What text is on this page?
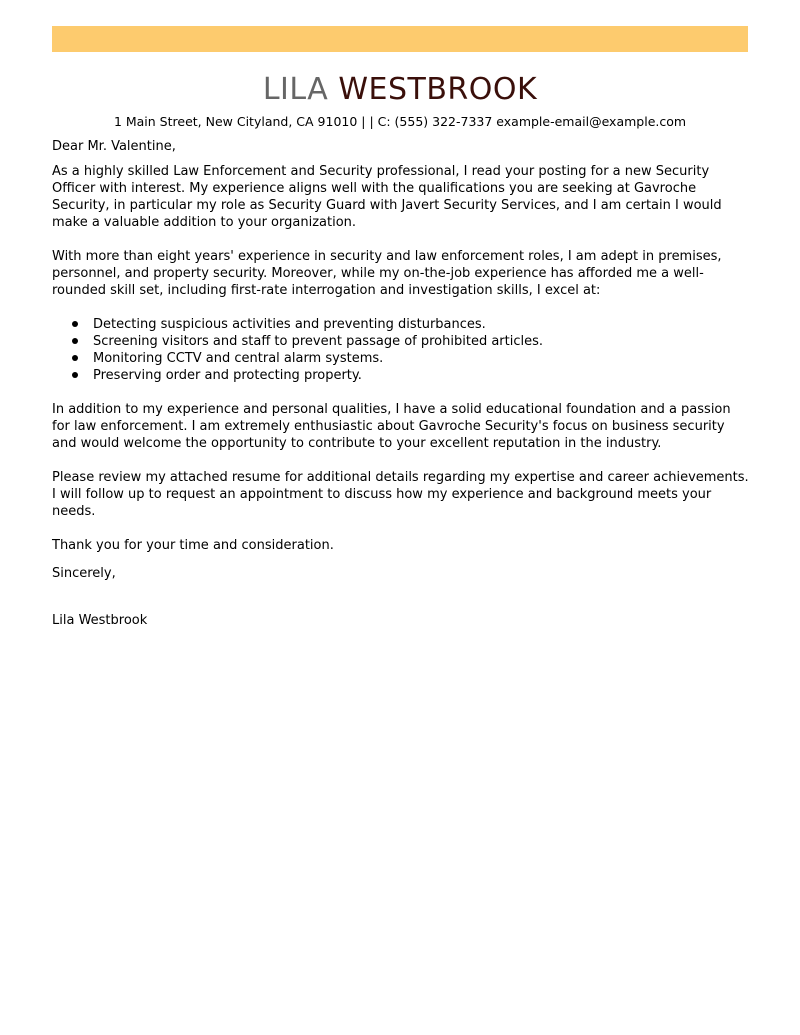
LILA WESTBROOK
1 Main Street, New Cityland, CA 91010 | | C: (555) 322-7337 example-email@example.com

Dear Mr. Valentine,

As a highly skilled Law Enforcement and Security professional, I read your posting for a new Security Officer with interest. My experience aligns well with the qualifications you are seeking at Gavroche Security, in particular my role as Security Guard with Javert Security Services, and I am certain I would make a valuable addition to your organization.

With more than eight years' experience in security and law enforcement roles, I am adept in premises, personnel, and property security. Moreover, while my on-the-job experience has afforded me a well-rounded skill set, including first-rate interrogation and investigation skills, I excel at:

Detecting suspicious activities and preventing disturbances.
Screening visitors and staff to prevent passage of prohibited articles.
Monitoring CCTV and central alarm systems.
Preserving order and protecting property.

In addition to my experience and personal qualities, I have a solid educational foundation and a passion for law enforcement. I am extremely enthusiastic about Gavroche Security's focus on business security and would welcome the opportunity to contribute to your excellent reputation in the industry.

Please review my attached resume for additional details regarding my expertise and career achievements. I will follow up to request an appointment to discuss how my experience and background meets your needs.

Thank you for your time and consideration.

Sincerely,

Lila Westbrook
